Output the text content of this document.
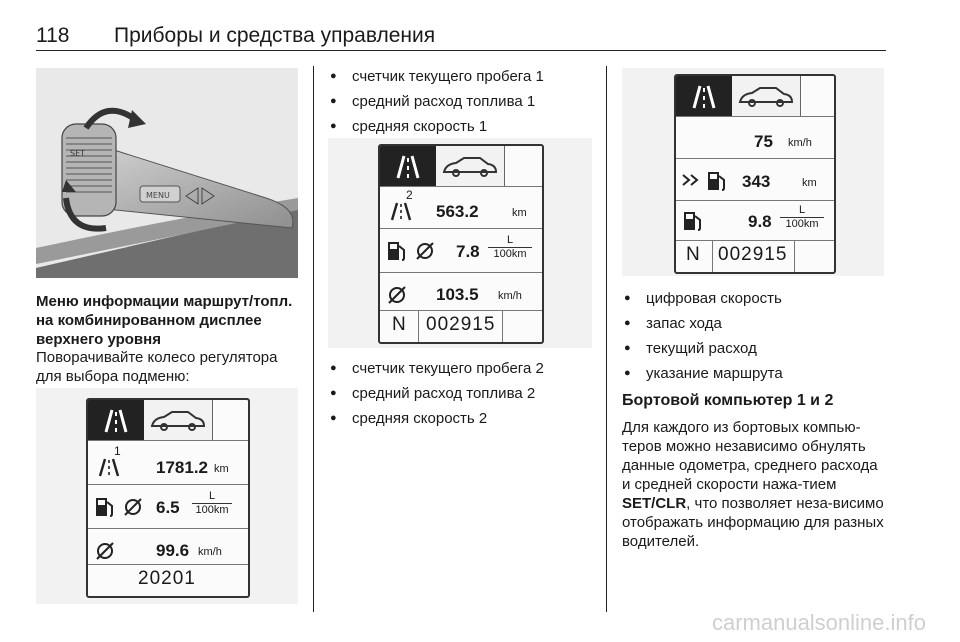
118 Приборы и средства управления
SET
MENU
Меню информации маршрут/топл. на комбинированном дисплее верхнего уровня
Поворачивайте колесо регулятора для выбора подменю:
1
1781.2 km
$6.5 \frac{L}{100km}$
99.6 km/h
20201
● счетчик текущего пробега 1
● средний расход топлива 1
● средняя скорость 1
2
563.2	km
$7.8 \frac{L}{100km}$
103.5 km/h
N 002915
● счетчик текущего пробега 2
● средний расход топлива 2
● средняя скорость 2
75 km/h
343	km
$9.8 \frac{L}{100km}$
N 002915
● цифровая скорость
● запас хода
● текущий расход
● указание маршрута
Бортовой компьютер 1 и 2
Для каждого из бортовых компью-теров можно независимо обнулять данные одометра, среднего расхода и средней скорости нажа-тием SET/CLR, что позволяет неза-висимо отображать информацию для разных водителей.
carmanualsonline.info
